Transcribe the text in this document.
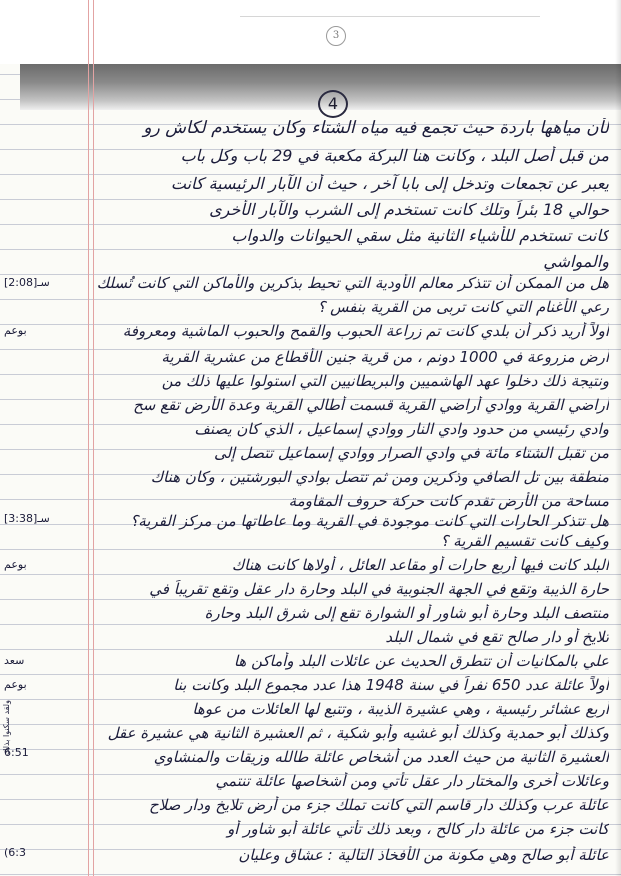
3
4
لأن مياهها باردة حيث تجمع فيه مياه الشتاء وكان يستخدم لكاش رو
من قبل أصل البلد ، وكانت هنا البركة مكعبة في 29 باب وكل باب
يعبر عن تجمعات وتدخل إلى بابا آخر ، حيث أن الآبار الرئيسية كانت
حوالي 18 بئراً وتلك كانت تستخدم إلى الشرب والآبار الأخرى
كانت تستخدم للأشياء الثانية مثل سقي الحيوانات والدواب
والمواشي
هل من الممكن أن تتذكر معالم الأودية التي تحيط بذكرين والأماكن التي كانت تُسلك
رعي الأغنام التي كانت تربى من القرية بنفس ؟
أولاً أريد ذكر أن بلدي كانت تم زراعة الحبوب والقمح والحبوب الماشية ومعروفة
أرض مزروعة في 1000 دونم ، من قرية جنين الأقطاع من عشرية القرية
ونتيجة ذلك دخلوا عهد الهاشميين والبريطانيين التي استولوا عليها ذلك من
أراضي القرية ووادي أراضي القرية قسمت أطالي القرية وعدة الأرض تقع سح
وادي رئيسي من حدود وادي النار ووادي إسماعيل ، الذي كان يصنف
من تقبل الشتاء مائة في وادي الصرار ووادي إسماعيل تتصل إلى
منطقة بين تل الصافي وذكرين ومن ثم تتصل بوادي البورشتين ، وكان هناك
مساحة من الأرض تقدم كانت حركة حروف المقاومة
هل تتذكر الحارات التي كانت موجودة في القرية وما عاطاتها من مركز القرية؟
وكيف كانت تقسيم القرية ؟
البلد كانت فيها أربع حارات أو مقاعد العائل ، أولاها كانت هناك
حارة الذيبة وتقع في الجهة الجنوبية في البلد وحارة دار عقل وتقع تقريباً في
منتصف البلد وحارة أبو شاور أو الشوارة تقع إلى شرق البلد وحارة
تلايخ أو دار صالح تقع في شمال البلد
علي بالمكانيات أن تتطرق الحديث عن عائلات البلد وأماكن ها
أولاً عائلة عدد 650 نفراً في سنة 1948 هذا عدد مجموع البلد وكانت بنا
أربع عشائر رئيسية ، وهي عشيرة الذيبة ، وتتبع لها العائلات من عوها
وكذلك أبو حمدية وكذلك أبو غشيه وأبو شكية ، ثم العشيرة الثانية هي عشيرة عقل
العشيرة الثانية من حيث العدد من أشخاص عائلة طالله وزيقات والمنشاوي
وعائلات أخرى والمختار دار عقل تأتي ومن أشخاصها عائلة تنتمي
عائلة عرب وكذلك دار قاسم التي كانت تملك جزء من أرض تلايخ ودار صلاح
كانت جزء من عائلة دار كالح ، وبعد ذلك تأتي عائلة أبو شاور أو
عائلة أبو صالح وهي مكونة من الأفخاذ التالية : عشاق وعليان
سـ[2:08]
بوعم
سـ[3:38]
بوعم
سعد
بوعم
6:51
(6:3
ولقد سكنوا بذلك
